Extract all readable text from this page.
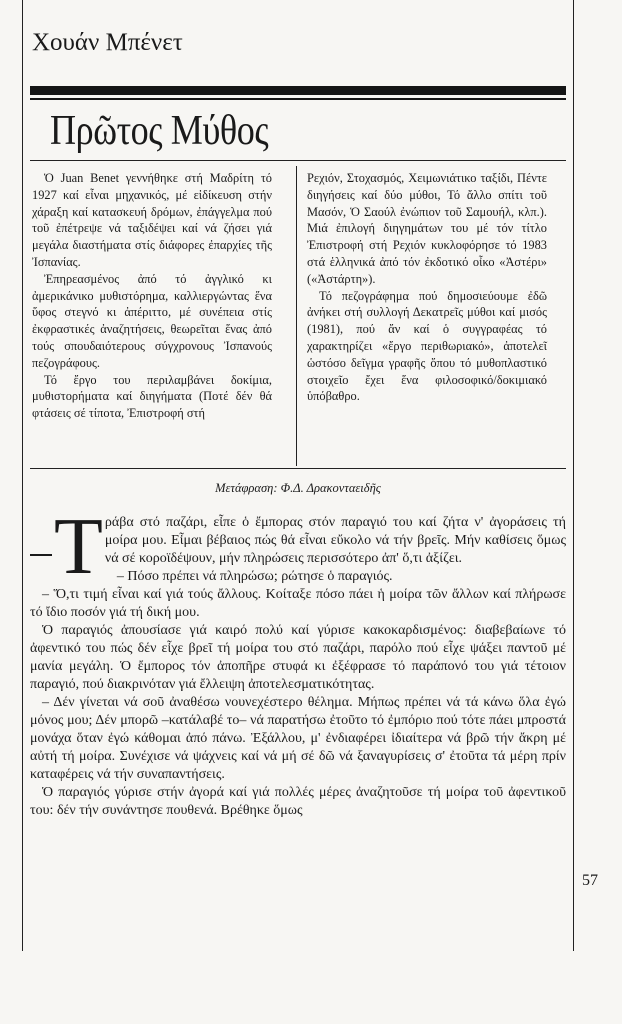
Χουάν Μπένετ
Πρῶτος Μύθος

Ὁ Juan Benet γεννήθηκε στή Μαδρίτη τό 1927 καί εἶναι μηχανικός, μέ εἰδίκευση στήν χάραξη καί κατασκευή δρόμων, ἐπάγγελμα πού τοῦ ἐπέτρεψε νά ταξιδέψει καί νά ζήσει γιά μεγάλα διαστήματα στίς διάφορες ἐπαρχίες τῆς Ἰσπανίας.

Ἐπηρεασμένος ἀπό τό ἀγγλικό κι ἀμερικάνικο μυθιστόρημα, καλλιεργώντας ἕνα ὕφος στεγνό κι ἀπέριττο, μέ συνέπεια στίς ἐκφραστικές ἀναζητήσεις, θεωρεῖται ἕνας ἀπό τούς σπουδαιότερους σύγχρονους Ἰσπανούς πεζογράφους.

Τό ἔργο του περιλαμβάνει δοκίμια, μυθιστορήματα καί διηγήματα (Ποτέ δέν θά φτάσεις σέ τίποτα, Ἐπιστροφή στή

Ρεχιόν, Στοχασμός, Χειμωνιάτικο ταξίδι, Πέντε διηγήσεις καί δύο μύθοι, Τό ἄλλο σπίτι τοῦ Μασόν, Ὁ Σαούλ ἐνώπιον τοῦ Σαμουήλ, κλπ.). Μιά ἐπιλογή διηγημάτων του μέ τόν τίτλο Ἐπιστροφή στή Ρεχιόν κυκλοφόρησε τό 1983 στά ἑλληνικά ἀπό τόν ἐκδοτικό οἶκο «Ἀστέρι» («Ἀστάρτη»).

Τό πεζογράφημα πού δημοσιεύουμε ἐδῶ ἀνήκει στή συλλογή Δεκατρεῖς μύθοι καί μισός (1981), πού ἄν καί ὁ συγγραφέας τό χαρακτηρίζει «ἔργο περιθωριακό», ἀποτελεῖ ὡστόσο δεῖγμα γραφῆς ὅπου τό μυθοπλαστικό στοιχεῖο ἔχει ἕνα φιλοσοφικό/δοκιμιακό ὑπόβαθρο.

Μετάφραση: Φ.Δ. Δρακονταειδῆς

Τράβα στό παζάρι, εἶπε ὁ ἔμπορας στόν παραγιό του καί ζήτα ν' ἀγοράσεις τή μοίρα μου. Εἶμαι βέβαιος πώς θά εἶναι εὔκολο νά τήν βρεῖς. Μήν καθίσεις ὅμως νά σέ κοροϊδέψουν, μήν πληρώσεις περισσότερο ἀπ' ὅ,τι ἀξίζει.

– Πόσο πρέπει νά πληρώσω; ρώτησε ὁ παραγιός.

– Ὅ,τι τιμή εἶναι καί γιά τούς ἄλλους. Κοίταξε πόσο πάει ἡ μοίρα τῶν ἄλλων καί πλήρωσε τό ἴδιο ποσόν γιά τή δική μου.

Ὁ παραγιός ἀπουσίασε γιά καιρό πολύ καί γύρισε κακοκαρδισμένος: διαβεβαίωνε τό ἀφεντικό του πώς δέν εἶχε βρεῖ τή μοίρα του στό παζάρι, παρόλο πού εἶχε ψάξει παντοῦ μέ μανία μεγάλη. Ὁ ἔμπορος τόν ἀποπῆρε στυφά κι ἐξέφρασε τό παράπονό του γιά τέτοιον παραγιό, πού διακρινόταν γιά ἔλλειψη ἀποτελεσματικότητας.

– Δέν γίνεται νά σοῦ ἀναθέσω νουνεχέστερο θέλημα. Μήπως πρέπει νά τά κάνω ὅλα ἐγώ μόνος μου; Δέν μπορῶ –κατάλαβέ το– νά παρατήσω ἐτοῦτο τό ἐμπόριο πού τότε πάει μπροστά μονάχα ὅταν ἐγώ κάθομαι ἀπό πάνω. Ἐξάλλου, μ' ἐνδιαφέρει ἰδιαίτερα νά βρῶ τήν ἄκρη μέ αὐτή τή μοίρα. Συνέχισε νά ψάχνεις καί νά μή σέ δῶ νά ξαναγυρίσεις σ' ἐτοῦτα τά μέρη πρίν καταφέρεις νά τήν συναπαντήσεις.

Ὁ παραγιός γύρισε στήν ἀγορά καί γιά πολλές μέρες ἀναζητοῦσε τή μοίρα τοῦ ἀφεντικοῦ του: δέν τήν συνάντησε πουθενά. Βρέθηκε ὅμως

57
